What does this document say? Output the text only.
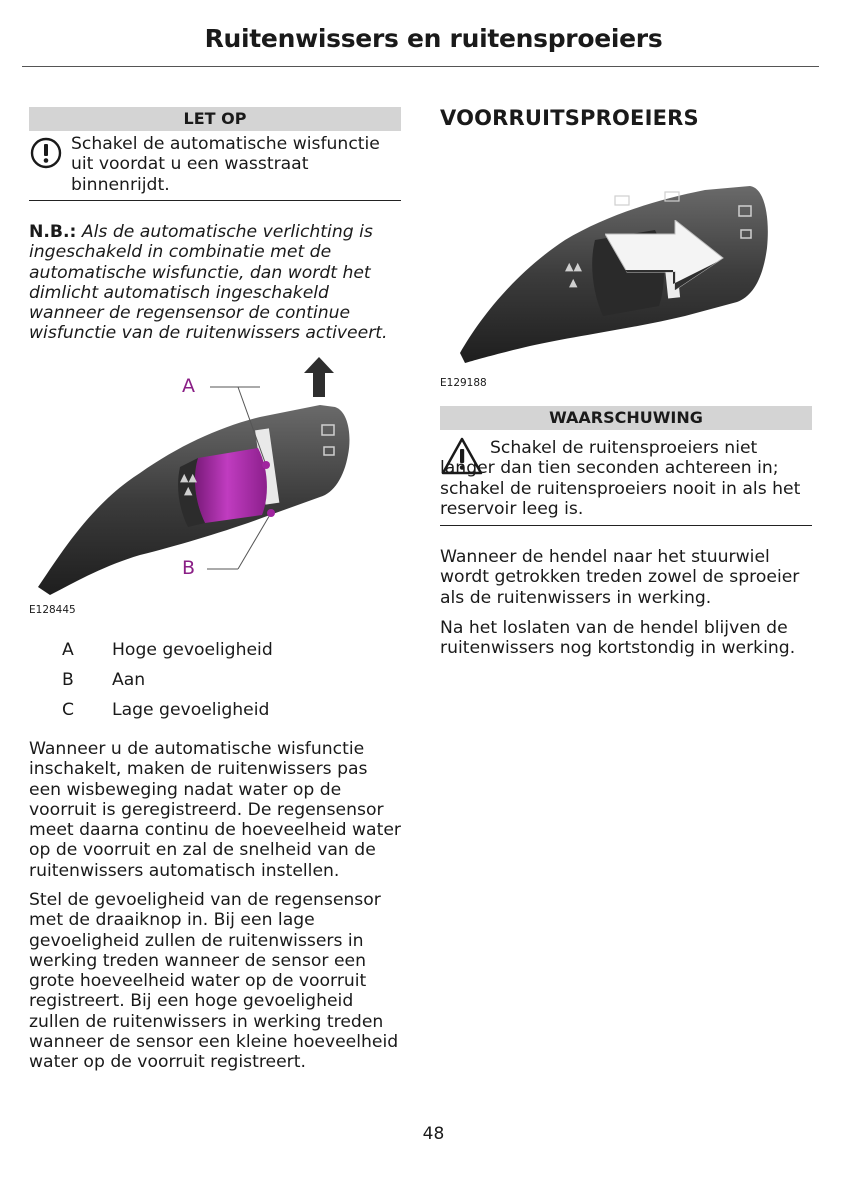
Ruitenwissers en ruitensproeiers
LET OP
Schakel de automatische wisfunctie uit voordat u een wasstraat binnenrijdt.
N.B.: Als de automatische verlichting is ingeschakeld in combinatie met de automatische wisfunctie, dan wordt het dimlicht automatisch ingeschakeld wanneer de regensensor de continue wisfunctie van de ruitenwissers activeert.
▲▲
▲
A
B
E128445
A Hoge gevoeligheid
B Aan
C Lage gevoeligheid
Wanneer u de automatische wisfunctie inschakelt, maken de ruitenwissers pas een wisbeweging nadat water op de voorruit is geregistreerd. De regensensor meet daarna continu de hoeveelheid water op de voorruit en zal de snelheid van de ruitenwissers automatisch instellen.
Stel de gevoeligheid van de regensensor met de draaiknop in. Bij een lage gevoeligheid zullen de ruitenwissers in werking treden wanneer de sensor een grote hoeveelheid water op de voorruit registreert. Bij een hoge gevoeligheid zullen de ruitenwissers in werking treden wanneer de sensor een kleine hoeveelheid water op de voorruit registreert.
VOORRUITSPROEIERS
▲▲
▲
E129188
WAARSCHUWING
Schakel de ruitensproeiers niet langer dan tien seconden achtereen in; schakel de ruitensproeiers nooit in als het reservoir leeg is.
Wanneer de hendel naar het stuurwiel wordt getrokken treden zowel de sproeier als de ruitenwissers in werking.
Na het loslaten van de hendel blijven de ruitenwissers nog kortstondig in werking.
48
